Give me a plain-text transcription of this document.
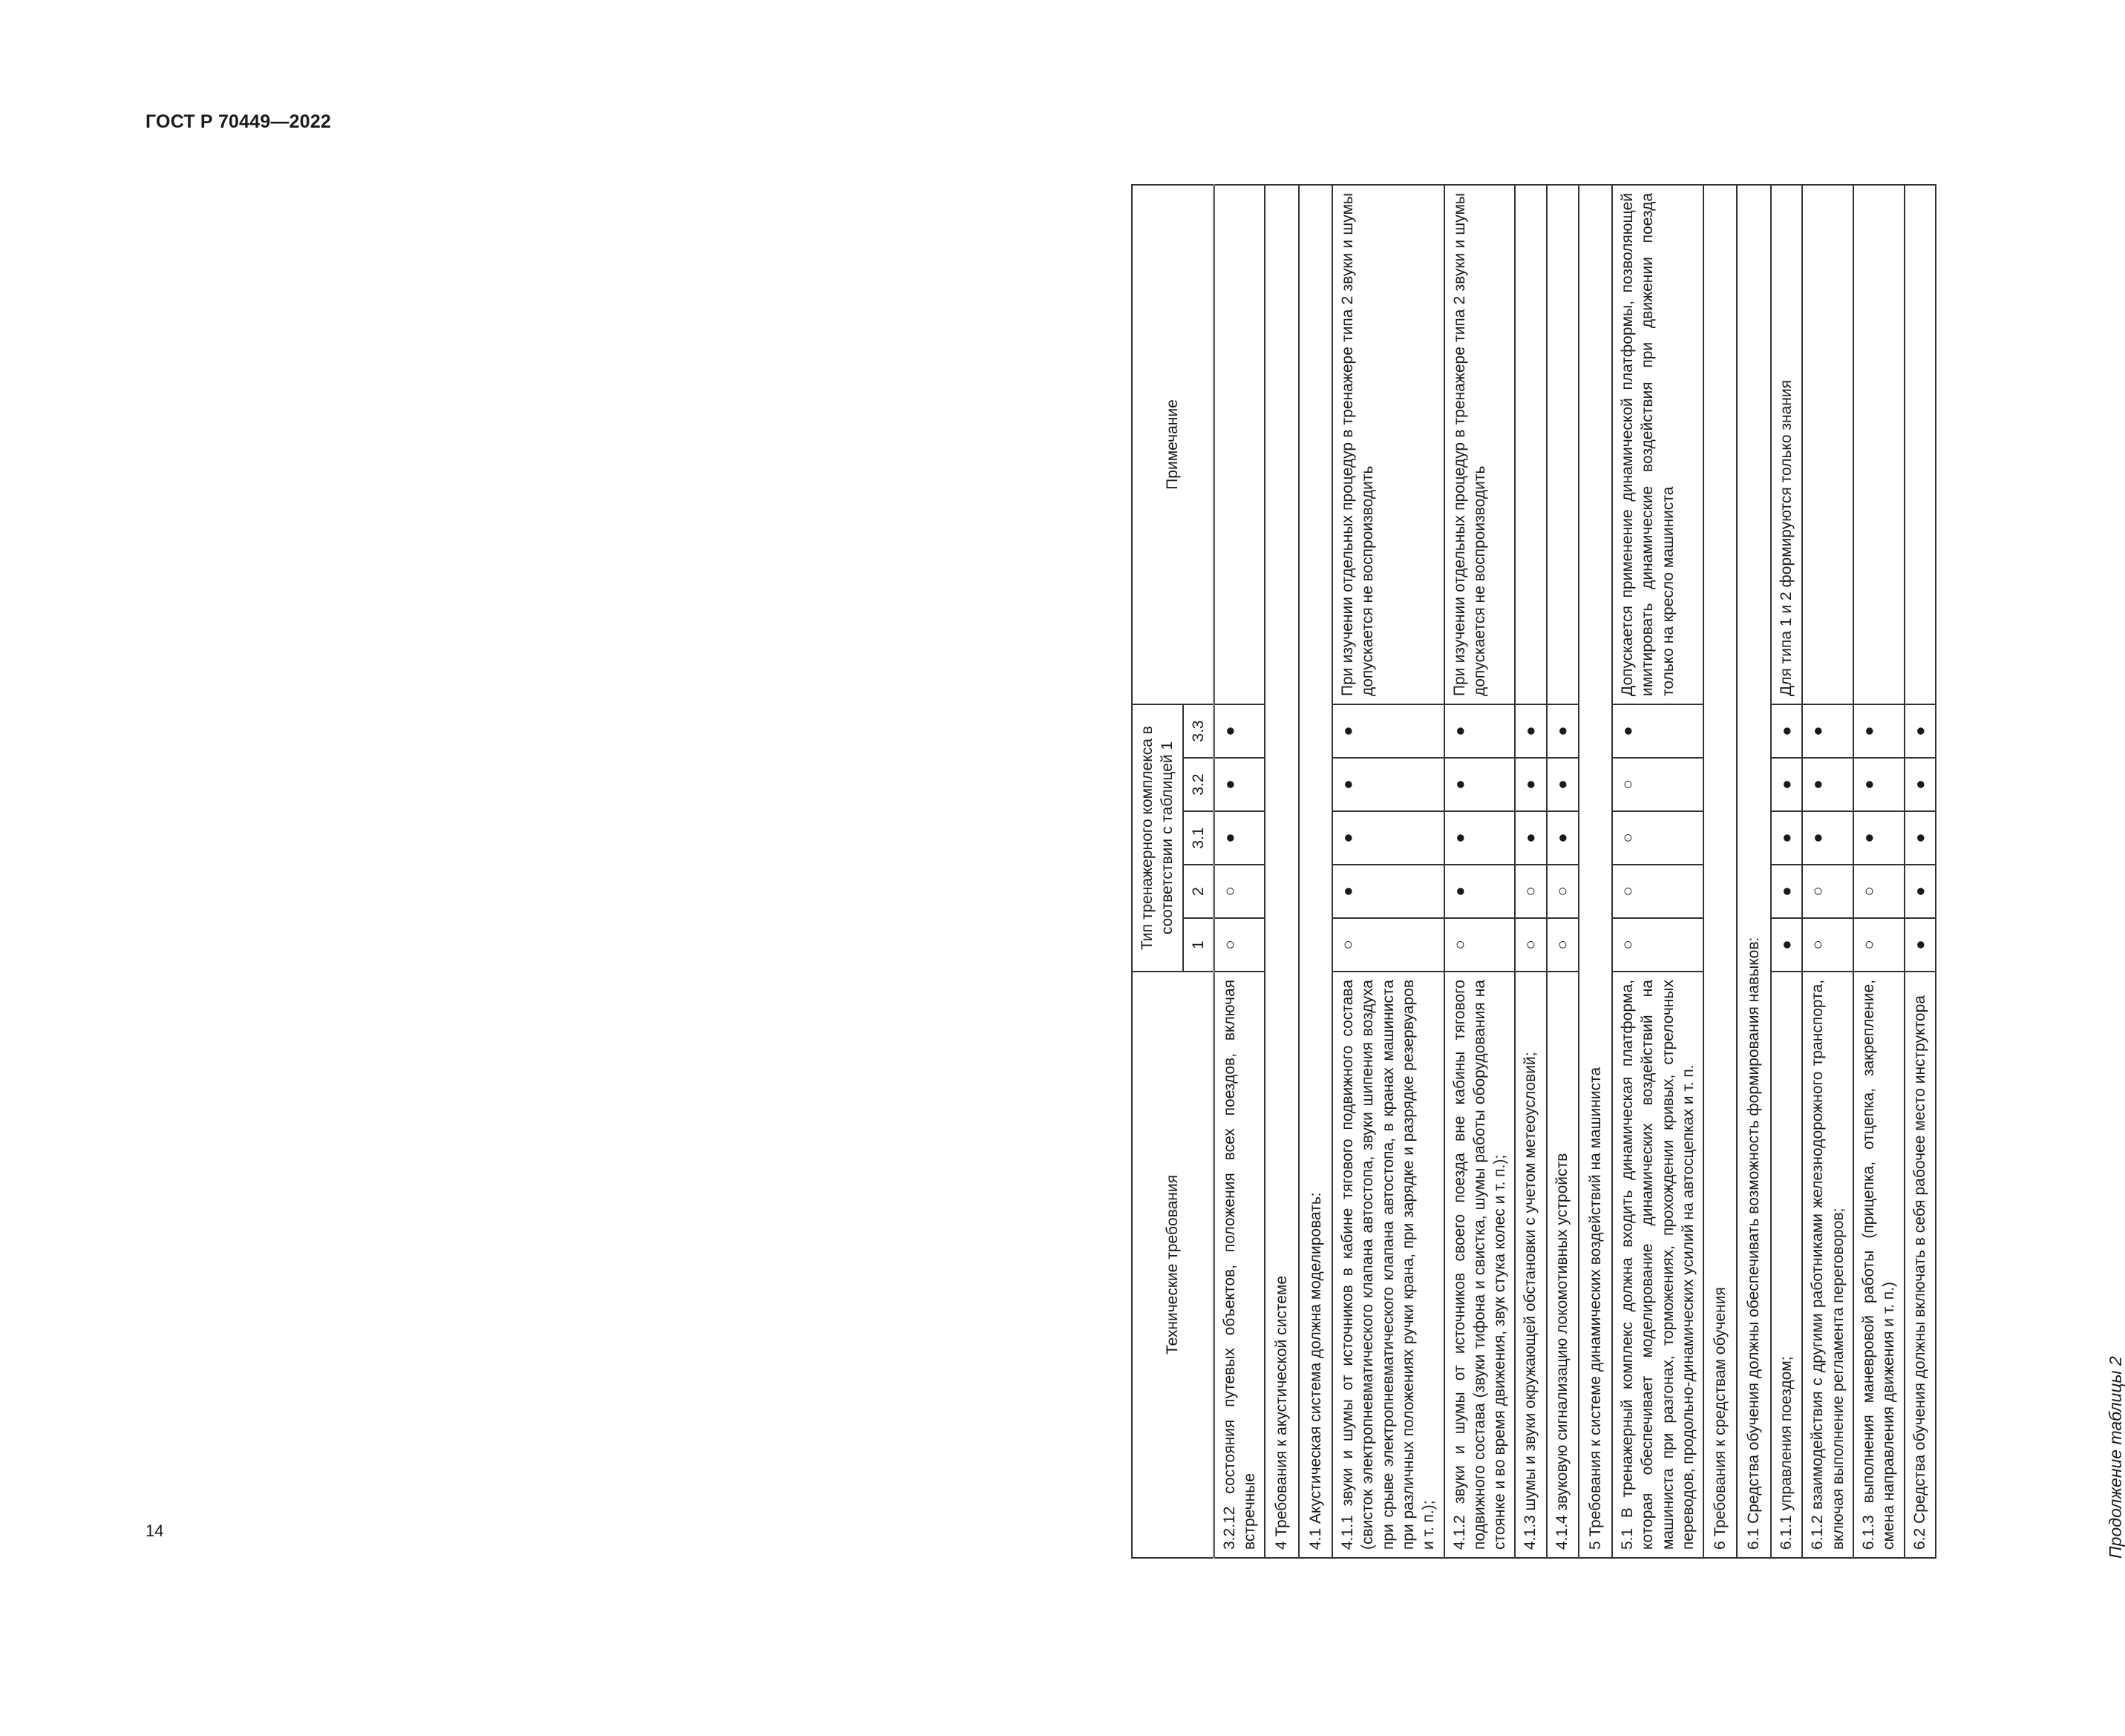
ГОСТ Р 70449—2022
14	Продолжение таблицы 2
Технические требования	Тип тренажерного комплекса в соответствии с таблицей 1					Примечание
	1	2	3.1	3.2	3.3	
3.2.12 состояния путевых объектов, положения всех поездов, включая встречные	○	○	●	●	●	
4 Требования к акустической системе						
4.1 Акустическая система должна моделировать:						
4.1.1 звуки и шумы от источников в кабине тягового подвижного состава (свисток электропневматического клапана автостопа, звуки шипения воздуха при срыве электропневматического клапана автостопа, в кранах машиниста при различных положениях ручки крана, при зарядке и разрядке резервуаров и т. п.);	○	●	●	●	●	При изучении отдельных процедур в тренажере типа 2 звуки и шумы допускается не воспроизводить
4.1.2 звуки и шумы от источников своего поезда вне кабины тягового подвижного состава (звуки тифона и свистка, шумы работы оборудования на стоянке и во время движения, звук стука колес и т. п.);	○	●	●	●	●	При изучении отдельных процедур в тренажере типа 2 звуки и шумы допускается не воспроизводить
4.1.3 шумы и звуки окружающей обстановки с учетом метеоусловий;	○	○	●	●	●	
4.1.4 звуковую сигнализацию локомотивных устройств	○	○	●	●	●	
5 Требования к системе динамических воздействий на машиниста						
5.1 В тренажерный комплекс должна входить динамическая платформа, которая обеспечивает моделирование динамических воздействий на машиниста при разгонах, торможениях, прохождении кривых, стрелочных переводов, продольно-динамических усилий на автосцепках и т. п.	○	○	○	○	●	Допускается применение динамической платформы, позволяющей имитировать динамические воздействия при движении поезда только на кресло машиниста
6 Требования к средствам обучения						
6.1 Средства обучения должны обеспечивать возможность формирования навыков:						
6.1.1 управления поездом;	●	●	●	●	●	Для типа 1 и 2 формируются только знания
6.1.2 взаимодействия с другими работниками железнодорожного транспорта, включая выполнение регламента переговоров;	○	○	●	●	●	
6.1.3 выполнения маневровой работы (прицепка, отцепка, закрепление, смена направления движения и т. п.)	○	○	●	●	●	
6.2 Средства обучения должны включать в себя рабочее место инструктора	●	●	●	●	●	
